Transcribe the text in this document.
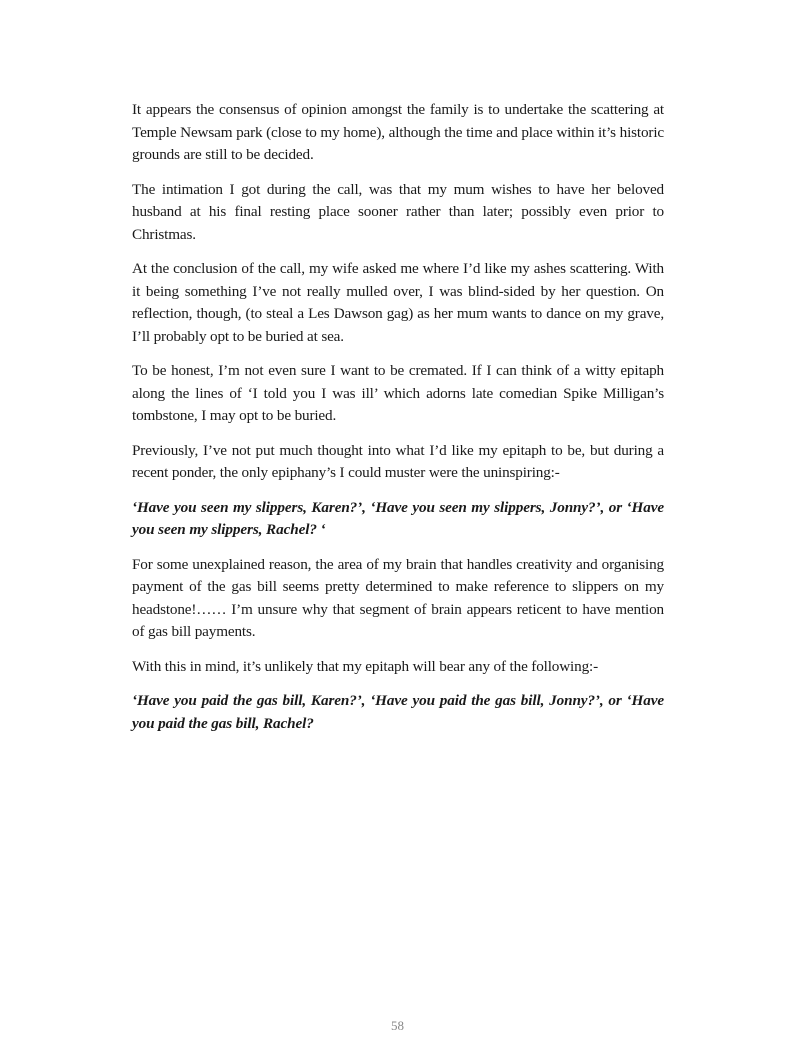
It appears the consensus of opinion amongst the family is to undertake the scattering at Temple Newsam park (close to my home), although the time and place within it’s historic grounds are still to be decided.

The intimation I got during the call, was that my mum wishes to have her beloved husband at his final resting place sooner rather than later; possibly even prior to Christmas.

At the conclusion of the call, my wife asked me where I’d like my ashes scattering. With it being something I’ve not really mulled over, I was blind-sided by her question. On reflection, though, (to steal a Les Dawson gag) as her mum wants to dance on my grave, I’ll probably opt to be buried at sea.

To be honest, I’m not even sure I want to be cremated. If I can think of a witty epitaph along the lines of ‘I told you I was ill’ which adorns late comedian Spike Milligan’s tombstone, I may opt to be buried.

Previously, I’ve not put much thought into what I’d like my epitaph to be, but during a recent ponder, the only epiphany’s I could muster were the uninspiring:-

‘Have you seen my slippers, Karen?’, ‘Have you seen my slippers, Jonny?’, or ‘Have you seen my slippers, Rachel? ‘

For some unexplained reason, the area of my brain that handles creativity and organising payment of the gas bill seems pretty determined to make reference to slippers on my headstone!…… I’m unsure why that segment of brain appears reticent to have mention of gas bill payments.

With this in mind, it’s unlikely that my epitaph will bear any of the following:-

‘Have you paid the gas bill, Karen?’, ‘Have you paid the gas bill, Jonny?’, or ‘Have you paid the gas bill, Rachel?

58
